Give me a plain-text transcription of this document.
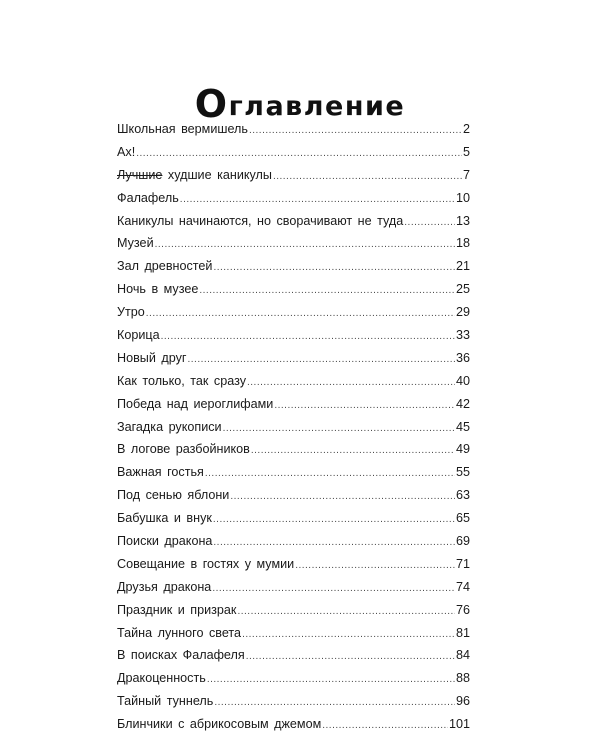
Оглавление
Школьная вермишель .....	2
Ах! .....	5
Лучшие худшие каникулы .....	7
Фалафель .....	10
Каникулы начинаются, но сворачивают не туда .....	13
Музей .....	18
Зал древностей .....	21
Ночь в музее .....	25
Утро .....	29
Корица .....	33
Новый друг .....	36
Как только, так сразу .....	40
Победа над иероглифами .....	42
Загадка рукописи .....	45
В логове разбойников .....	49
Важная гостья .....	55
Под сенью яблони .....	63
Бабушка и внук .....	65
Поиски дракона .....	69
Совещание в гостях у мумии .....	71
Друзья дракона .....	74
Праздник и призрак .....	76
Тайна лунного света .....	81
В поисках Фалафеля .....	84
Дракоценность .....	88
Тайный туннель .....	96
Блинчики с абрикосовым джемом .....	101
